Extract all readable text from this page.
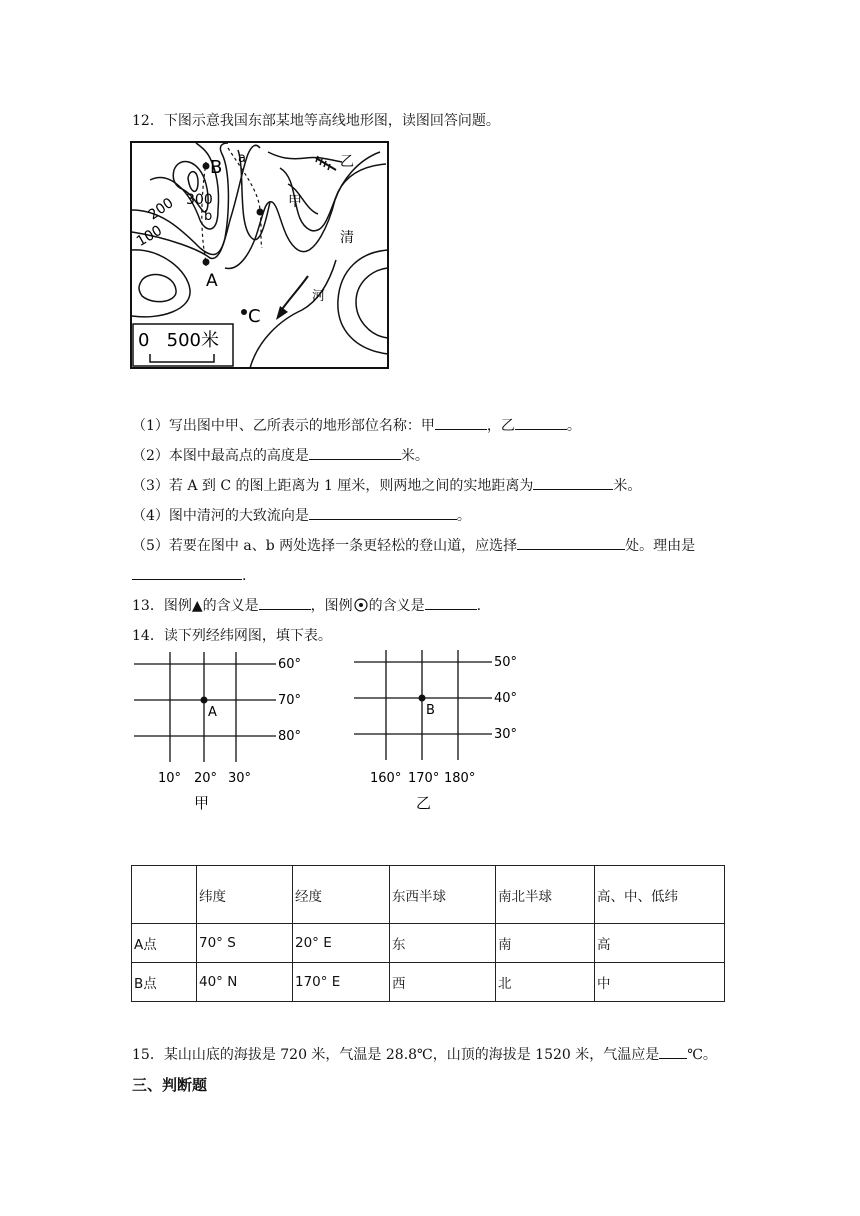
12．下图示意我国东部某地等高线地形图，读图回答问题。
B a
b
A
C
甲
乙
清
河
300
200
100
0   500米
（1）写出图中甲、乙所表示的地形部位名称：甲	，乙	。
（2）本图中最高点的高度是	米。
（3）若 A 到 C 的图上距离为 1 厘米，则两地之间的实地距离为	米。
（4）图中清河的大致流向是	。
（5）若要在图中 a、b 两处选择一条更轻松的登山道，应选择	处。理由是
.
13．图例▲的含义是	，图例 的含义是	.
14．读下列经纬网图，填下表。
A
60°
70°
80°
10° 20° 30°
甲
B
50°
40°
30°
160° 170° 180°
乙
	纬度	经度	东西半球	南北半球	高、中、低纬
A点	70° S	20° E	东	南	高
B点	40° N	170° E	西	北	中
15．某山山底的海拔是 720 米，气温是 28.8℃，山顶的海拔是 1520 米，气温应是 ℃。
三、判断题
